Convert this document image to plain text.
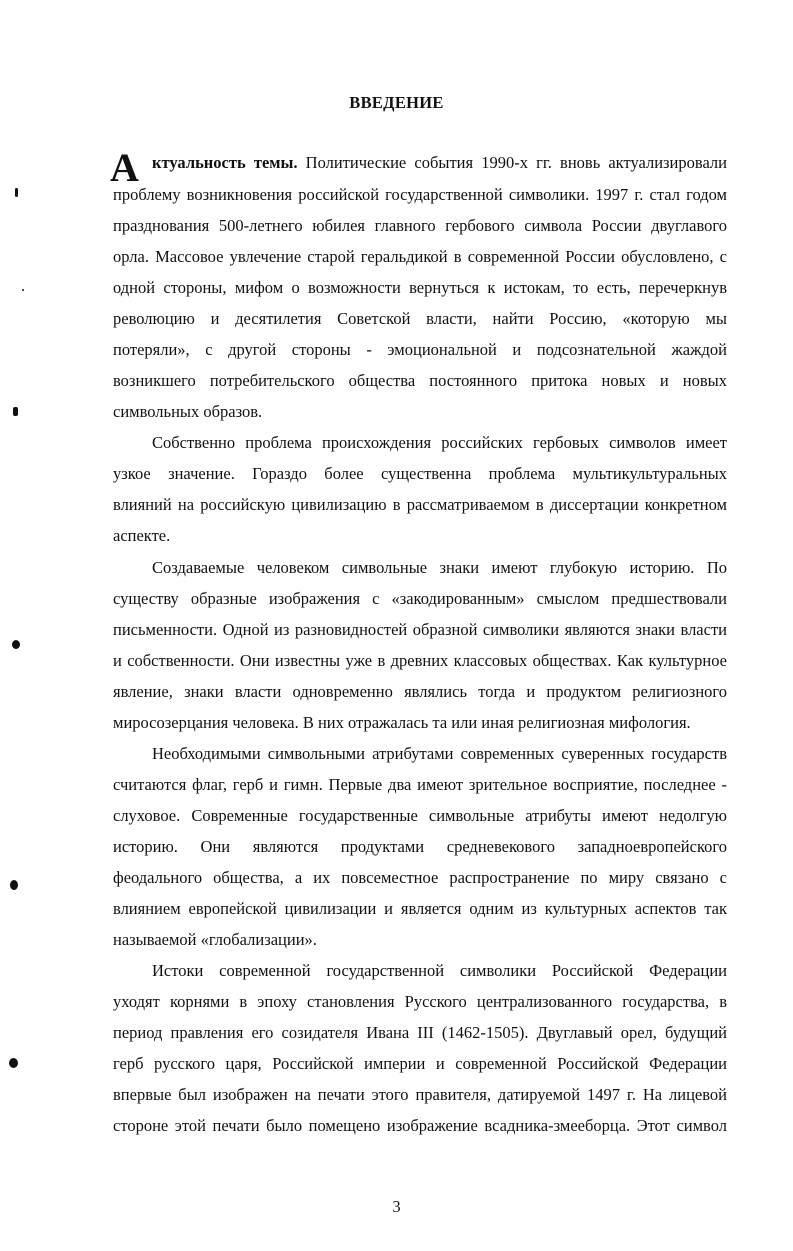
ВВЕДЕНИЕ
А ктуальность темы. Политические события 1990-х гг. вновь актуализировали

проблему возникновения российской государственной символики. 1997 г. стал годом

празднования 500-летнего юбилея главного гербового символа России двуглавого

орла. Массовое увлечение старой геральдикой в современной России обусловлено, с

одной стороны, мифом о возможности вернуться к истокам, то есть, перечеркнув

революцию и десятилетия Советской власти, найти Россию, «которую мы

потеряли», с другой стороны - эмоциональной и подсознательной жаждой

возникшего потребительского общества постоянного притока новых и новых

символьных образов.

Собственно проблема происхождения российских гербовых символов имеет

узкое значение. Гораздо более существенна проблема мультикультуральных

влияний на российскую цивилизацию в рассматриваемом в диссертации конкретном

аспекте.

Создаваемые человеком символьные знаки имеют глубокую историю. По

существу образные изображения с «закодированным» смыслом предшествовали

письменности. Одной из разновидностей образной символики являются знаки власти

и собственности. Они известны уже в древних классовых обществах. Как культурное

явление, знаки власти одновременно являлись тогда и продуктом религиозного

миросозерцания человека. В них отражалась та или иная религиозная мифология.

Необходимыми символьными атрибутами современных суверенных государств

считаются флаг, герб и гимн. Первые два имеют зрительное восприятие, последнее -

слуховое. Современные государственные символьные атрибуты имеют недолгую

историю. Они являются продуктами средневекового западноевропейского

феодального общества, а их повсеместное распространение по миру связано с

влиянием европейской цивилизации и является одним из культурных аспектов так

называемой «глобализации».

Истоки современной государственной символики Российской Федерации

уходят корнями в эпоху становления Русского централизованного государства, в

период правления его созидателя Ивана III (1462-1505). Двуглавый орел, будущий

герб русского царя, Российской империи и современной Российской Федерации

впервые был изображен на печати этого правителя, датируемой 1497 г. На лицевой

стороне этой печати было помещено изображение всадника-змееборца. Этот символ

3
